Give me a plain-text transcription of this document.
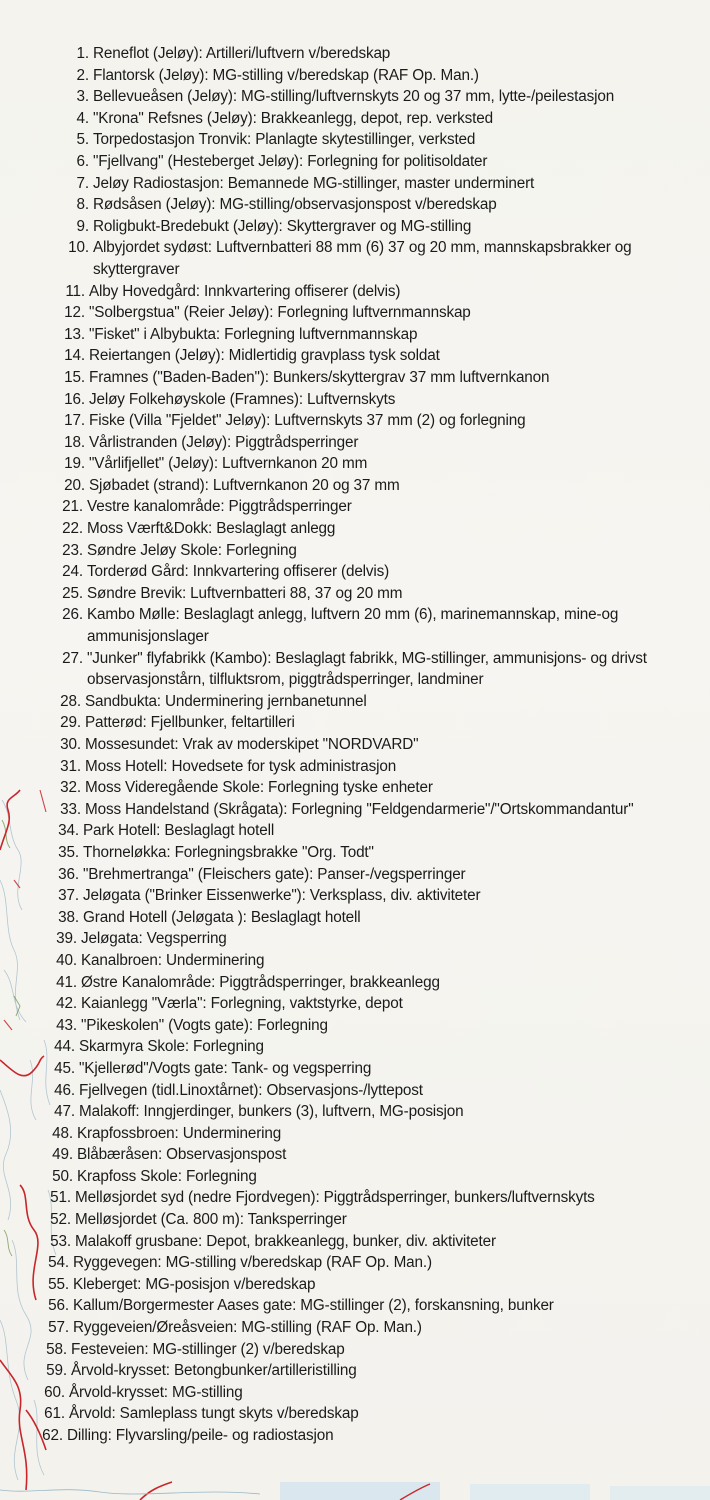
1. Reneflot (Jeløy): Artilleri/luftvern v/beredskap
2. Flantorsk (Jeløy): MG-stilling v/beredskap (RAF Op. Man.)
3. Bellevueåsen (Jeløy): MG-stilling/luftvernskyts 20 og 37 mm, lytte-/peilestasjon
4. "Krona" Refsnes (Jeløy): Brakkeanlegg, depot, rep. verksted
5. Torpedostasjon Tronvik: Planlagte skytestillinger, verksted
6. "Fjellvang" (Hesteberget Jeløy): Forlegning for politisoldater
7. Jeløy Radiostasjon: Bemannede MG-stillinger, master underminert
8. Rødsåsen (Jeløy): MG-stilling/observasjonspost v/beredskap
9. Roligbukt-Bredebukt (Jeløy): Skyttergraver og MG-stilling
10. Albyjordet sydøst: Luftvernbatteri 88 mm (6) 37 og 20 mm, mannskapsbrakker og skyttergraver
11. Alby Hovedgård: Innkvartering offiserer (delvis)
12. "Solbergstua" (Reier Jeløy): Forlegning luftvernmannskap
13. "Fisket" i Albybukta: Forlegning luftvernmannskap
14. Reiertangen (Jeløy): Midlertidig gravplass tysk soldat
15. Framnes ("Baden-Baden"): Bunkers/skyttergrav 37 mm luftvernkanon
16. Jeløy Folkehøyskole (Framnes): Luftvernskyts
17. Fiske (Villa "Fjeldet" Jeløy): Luftvernskyts 37 mm (2) og forlegning
18. Vårlistranden (Jeløy): Piggtrådsperringer
19. "Vårlifjellet" (Jeløy): Luftvernkanon 20 mm
20. Sjøbadet (strand): Luftvernkanon 20 og 37 mm
21. Vestre kanalområde: Piggtrådsperringer
22. Moss Værft&Dokk: Beslaglagt anlegg
23. Søndre Jeløy Skole: Forlegning
24. Torderød Gård: Innkvartering offiserer (delvis)
25. Søndre Brevik: Luftvernbatteri 88, 37 og 20 mm
26. Kambo Mølle: Beslaglagt anlegg, luftvern 20 mm (6), marinemannskap, mine-og ammunisjonslager
27. "Junker" flyfabrikk (Kambo): Beslaglagt fabrikk, MG-stillinger, ammunisjons- og drivst observasjonstårn, tilfluktsrom, piggtrådsperringer, landminer
28. Sandbukta: Underminering jernbanetunnel
29. Patterød: Fjellbunker, feltartilleri
30. Mossesundet: Vrak av moderskipet "NORDVARD"
31. Moss Hotell: Hovedsete for tysk administrasjon
32. Moss Videregående Skole: Forlegning tyske enheter
33. Moss Handelstand (Skrågata): Forlegning "Feldgendarmerie"/"Ortskommandantur"
34. Park Hotell: Beslaglagt hotell
35. Thorneløkka: Forlegningsbrakke "Org. Todt"
36. "Brehmertranga" (Fleischers gate): Panser-/vegsperringer
37. Jeløgata ("Brinker Eissenwerke"): Verksplass, div. aktiviteter
38. Grand Hotell (Jeløgata ): Beslaglagt hotell
39. Jeløgata: Vegsperring
40. Kanalbroen: Underminering
41. Østre Kanalområde: Piggtrådsperringer, brakkeanlegg
42. Kaianlegg "Værla": Forlegning, vaktstyrke, depot
43. "Pikeskolen" (Vogts gate): Forlegning
44. Skarmyra Skole: Forlegning
45. "Kjellerød"/Vogts gate: Tank- og vegsperring
46. Fjellvegen (tidl.Linoxtårnet): Observasjons-/lyttepost
47. Malakoff: Inngjerdinger, bunkers (3), luftvern, MG-posisjon
48. Krapfossbroen: Underminering
49. Blåbæråsen: Observasjonspost
50. Krapfoss Skole: Forlegning
51. Melløsjordet syd (nedre Fjordvegen): Piggtrådsperringer, bunkers/luftvernskyts
52. Melløsjordet (Ca. 800 m): Tanksperringer
53. Malakoff grusbane: Depot, brakkeanlegg, bunker, div. aktiviteter
54. Ryggevegen: MG-stilling v/beredskap (RAF Op. Man.)
55. Kleberget: MG-posisjon v/beredskap
56. Kallum/Borgermester Aases gate: MG-stillinger (2), forskansning, bunker
57. Ryggeveien/Øreåsveien: MG-stilling (RAF Op. Man.)
58. Festeveien: MG-stillinger (2) v/beredskap
59. Årvold-krysset: Betongbunker/artilleristilling
60. Årvold-krysset: MG-stilling
61. Årvold: Samleplass tungt skyts v/beredskap
62. Dilling: Flyvarsling/peile- og radiostasjon
